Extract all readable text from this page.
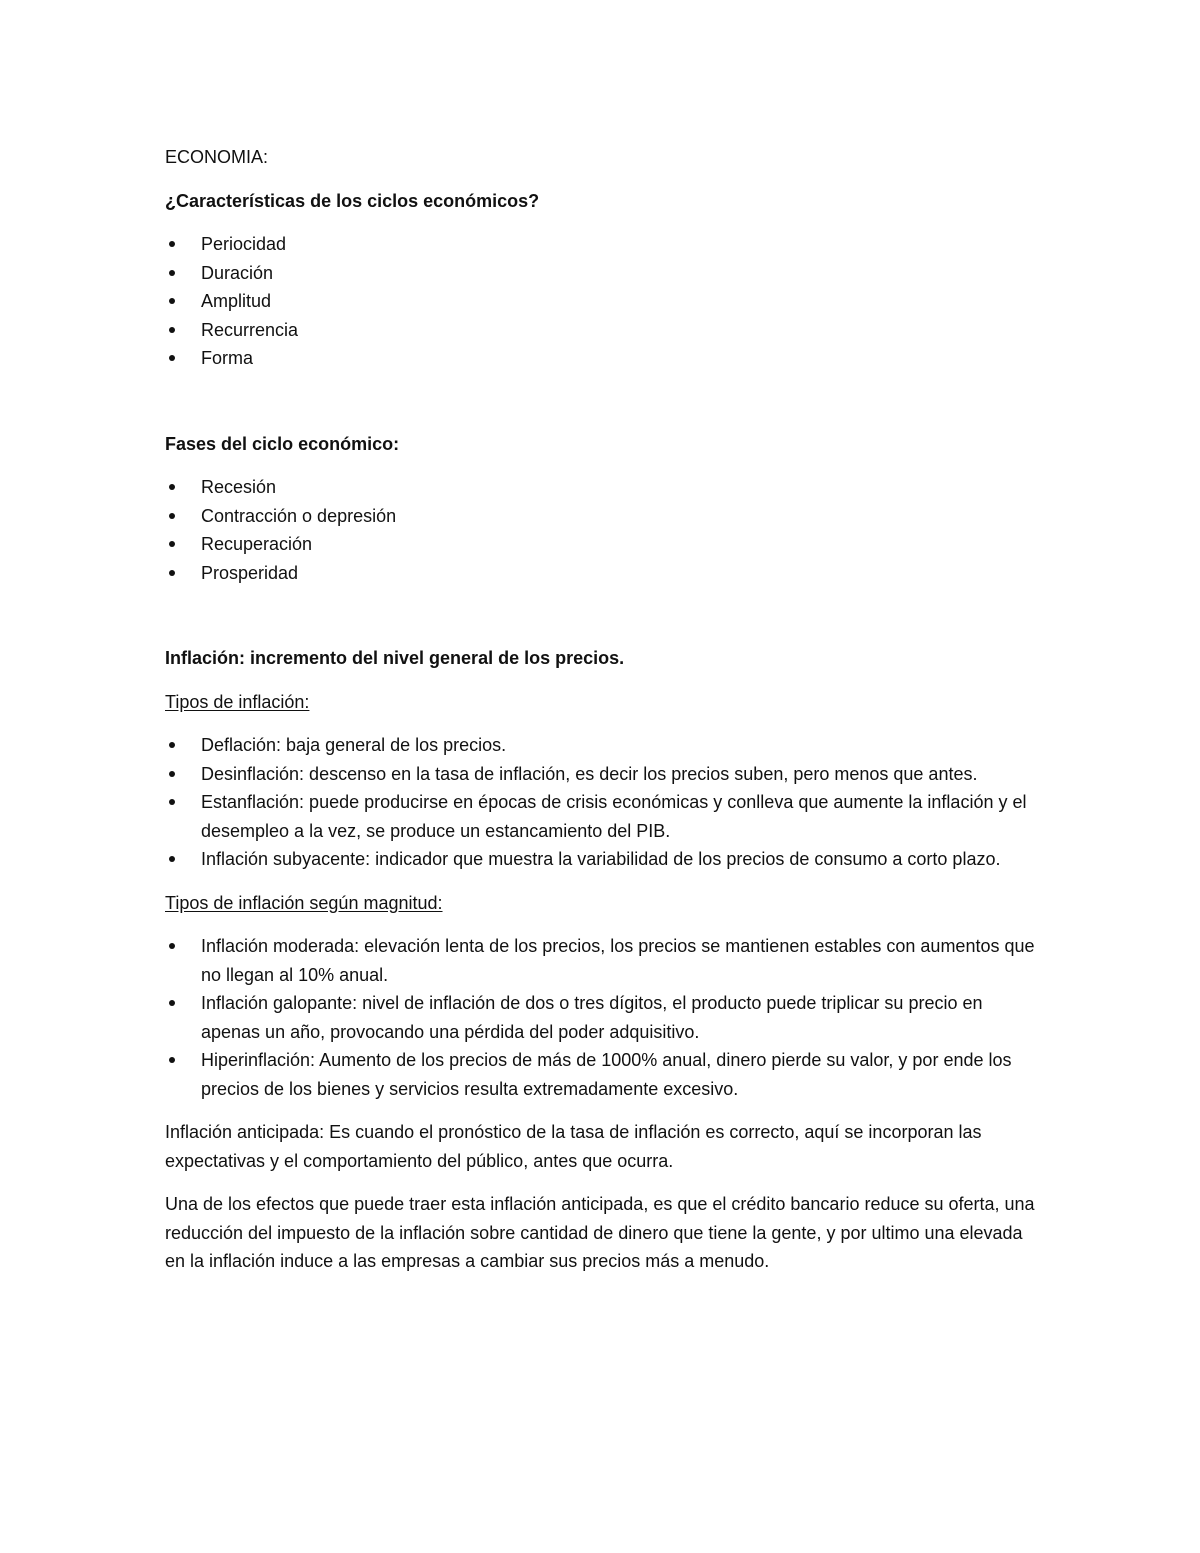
ECONOMIA:

¿Características de los ciclos económicos?

Periocidad
Duración
Amplitud
Recurrencia
Forma

Fases del ciclo económico:

Recesión
Contracción o depresión
Recuperación
Prosperidad

Inflación: incremento del nivel general de los precios.

Tipos de inflación:

Deflación: baja general de los precios.
Desinflación: descenso en la tasa de inflación, es decir los precios suben, pero menos que antes.
Estanflación: puede producirse en épocas de crisis económicas y conlleva que aumente la inflación y el desempleo a la vez, se produce un estancamiento del PIB.
Inflación subyacente: indicador que muestra la variabilidad de los precios de consumo a corto plazo.

Tipos de inflación según magnitud:

Inflación moderada: elevación lenta de los precios, los precios se mantienen estables con aumentos que no llegan al 10% anual.
Inflación galopante: nivel de inflación de dos o tres dígitos, el producto puede triplicar su precio en apenas un año, provocando una pérdida del poder adquisitivo.
Hiperinflación: Aumento de los precios de más de 1000% anual, dinero pierde su valor, y por ende los precios de los bienes y servicios resulta extremadamente excesivo.

Inflación anticipada: Es cuando el pronóstico de la tasa de inflación es correcto, aquí se incorporan las expectativas y el comportamiento del público, antes que ocurra.

Una de los efectos que puede traer esta inflación anticipada, es que el crédito bancario reduce su oferta, una reducción del impuesto de la inflación sobre cantidad de dinero que tiene la gente, y por ultimo una elevada en la inflación induce a las empresas a cambiar sus precios más a menudo.
